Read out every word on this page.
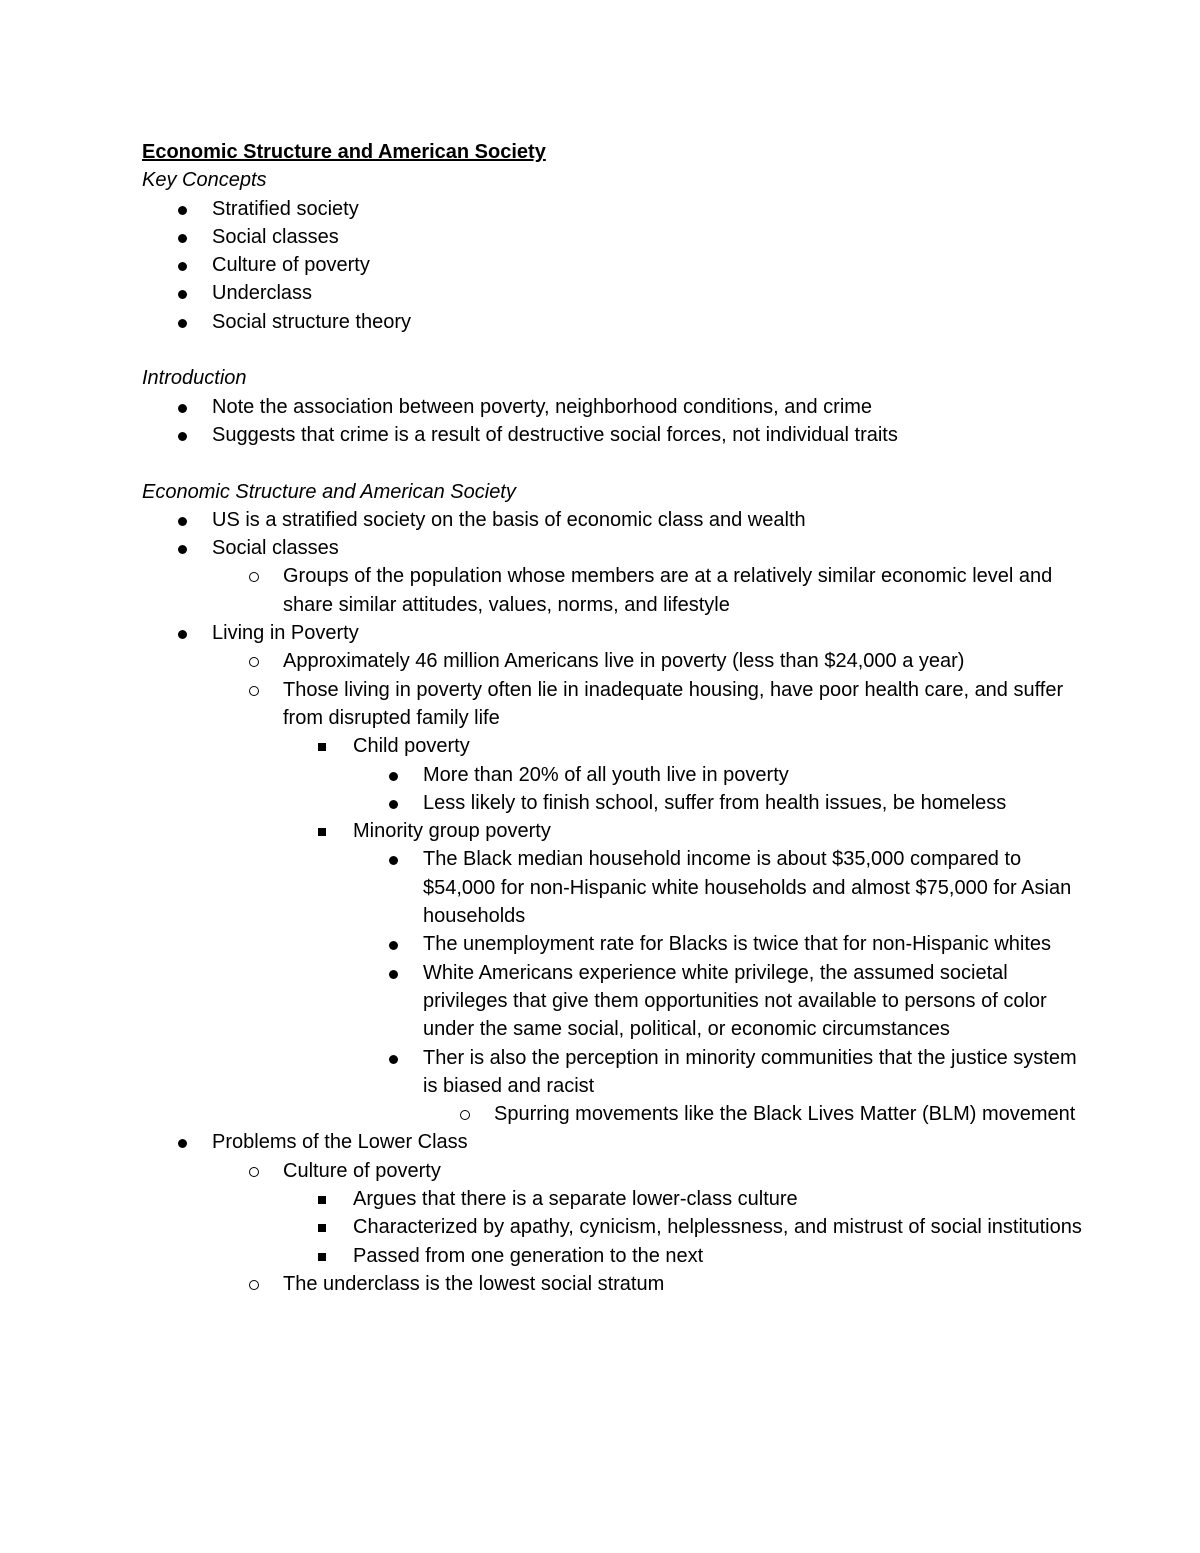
Economic Structure and American Society

Key Concepts

Stratified society
Social classes
Culture of poverty
Underclass
Social structure theory

Introduction

Note the association between poverty, neighborhood conditions, and crime
Suggests that crime is a result of destructive social forces, not individual traits

Economic Structure and American Society

US is a stratified society on the basis of economic class and wealth
Social classes
Groups of the population whose members are at a relatively similar economic level and share similar attitudes, values, norms, and lifestyle
Living in Poverty
Approximately 46 million Americans live in poverty (less than $24,000 a year)
Those living in poverty often lie in inadequate housing, have poor health care, and suffer from disrupted family life
Child poverty
More than 20% of all youth live in poverty
Less likely to finish school, suffer from health issues, be homeless
Minority group poverty
The Black median household income is about $35,000 compared to $54,000 for non-Hispanic white households and almost $75,000 for Asian households
The unemployment rate for Blacks is twice that for non-Hispanic whites
White Americans experience white privilege, the assumed societal privileges that give them opportunities not available to persons of color under the same social, political, or economic circumstances
Ther is also the perception in minority communities that the justice system is biased and racist
Spurring movements like the Black Lives Matter (BLM) movement
Problems of the Lower Class
Culture of poverty
Argues that there is a separate lower-class culture
Characterized by apathy, cynicism, helplessness, and mistrust of social institutions
Passed from one generation to the next
The underclass is the lowest social stratum
